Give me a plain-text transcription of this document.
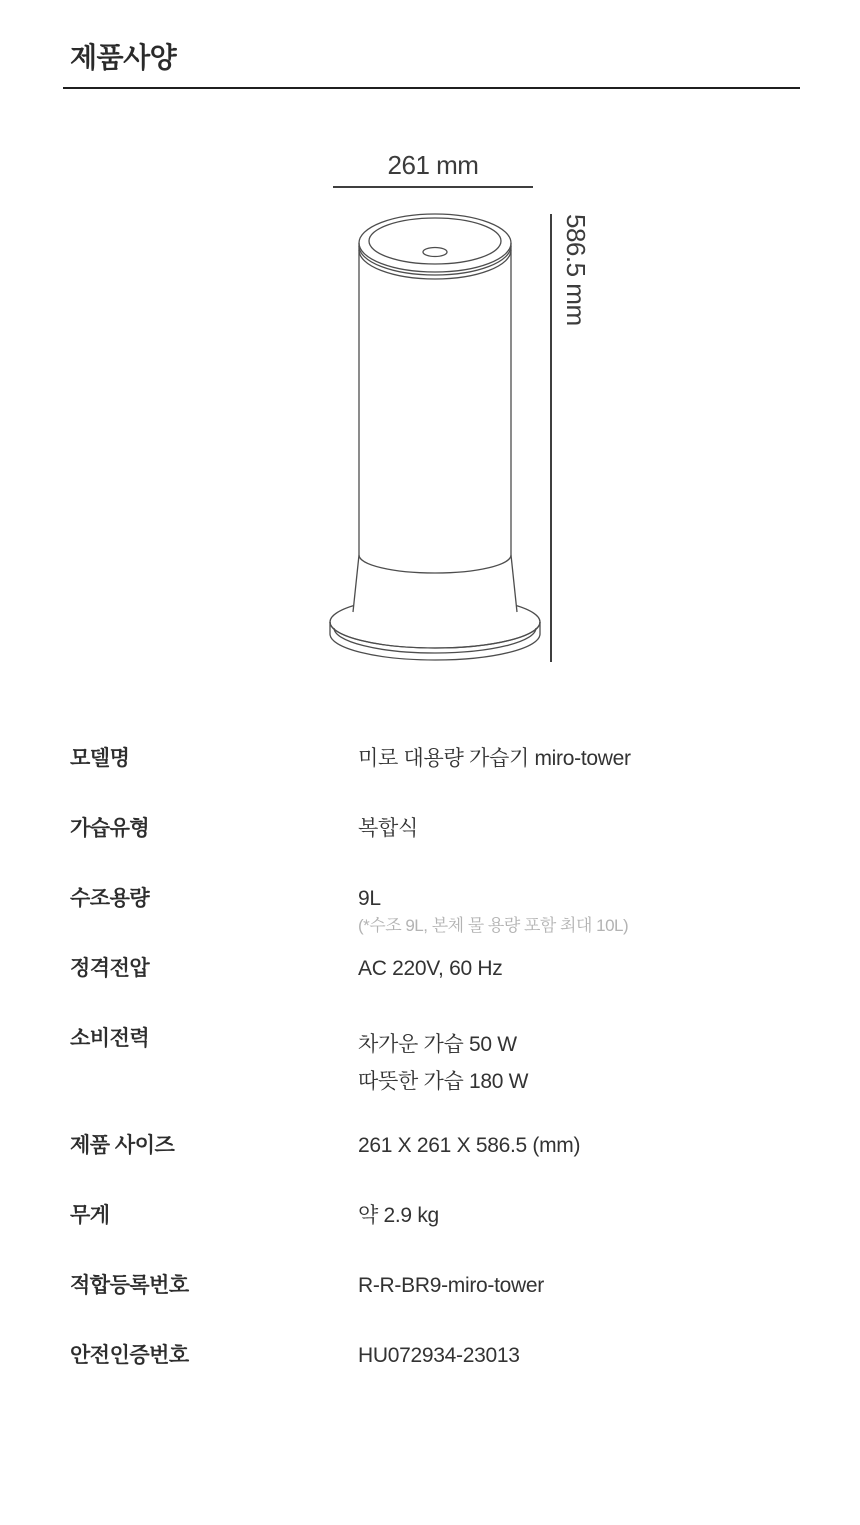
제품사양
261 mm
586.5 mm
모델명	미로 대용량 가습기 miro-tower
가습유형	복합식
수조용량	9L
(*수조 9L, 본체 물 용량 포함 최대 10L)
정격전압	AC 220V, 60 Hz
소비전력	차가운 가습 50 W
따뜻한 가습 180 W
제품 사이즈	261 X 261 X 586.5 (mm)
무게	약 2.9 kg
적합등록번호	R-R-BR9-miro-tower
안전인증번호	HU072934-23013
